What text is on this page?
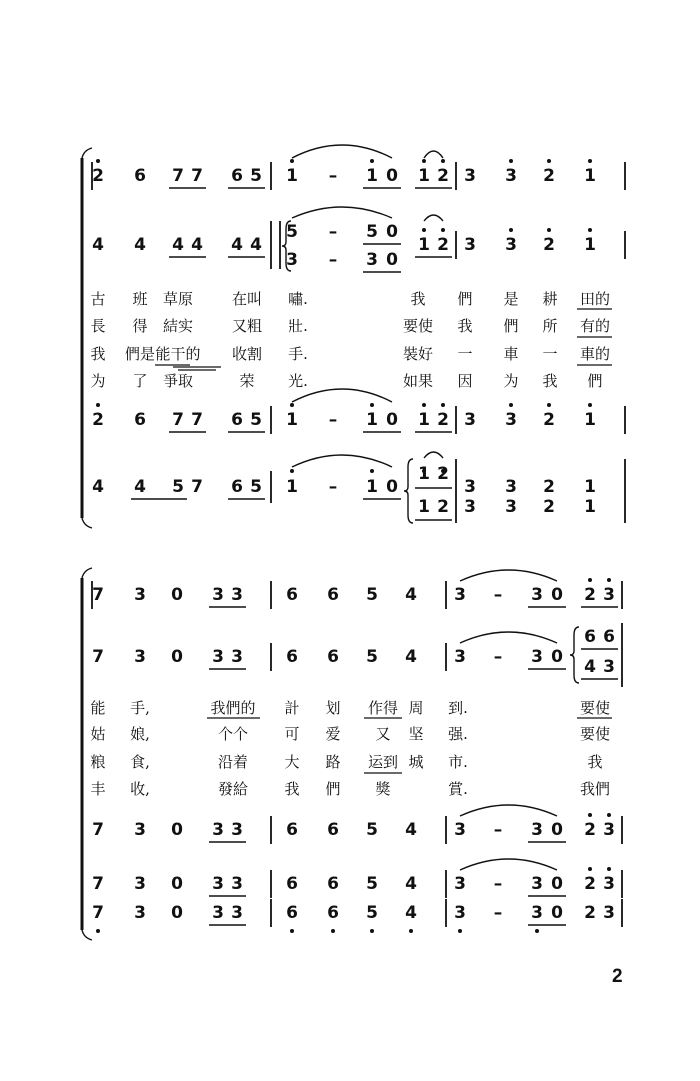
2
2 6 7 7 6 5 1 – 1 0 1 2 3 3 2 1
4 4 4 4 4 4
5 – 5 0
1 2 3 3 2 1
3 – 3 0
古	班	草原	在叫	嘯.	我	們	是	耕	田的
長	得	結实	又粗	壯.	要使	我	們	所	有的
我	們是 能干的	收割	手.	裝好	一	車	一	車的
为	了	爭取	荣	光.	如果	因	为	我	們
2 6 7 7 6 5 1 – 1 0 1 2 3 3 2 1
4 4 5 7 6 5 1 – 1 0
1 2
3 3 2 1
1 2 3 3 2 1
7 3 0 3 3	6 6 5 4 3 – 3 0 2 3
7 3 0 3 3	6 6 5 4 3 – 3 0
6 6
4 3
能	手,	我們的	計	划	作得 周	到.	要使
姑	娘,	个个	可	爱	又	坚	强.	要使
粮	食,	沿着	大	路	运到 城	市.	我
丰	收,	發給	我	們	獎	賞.	我們
7 3 0 3 3	6 6 5 4 3 – 3 0 2 3
7 3 0 3 3	6 6 5 4 3 – 3 0 2 3
7 3 0 3 3	6 6 5 4 3 – 3 0 2 3
